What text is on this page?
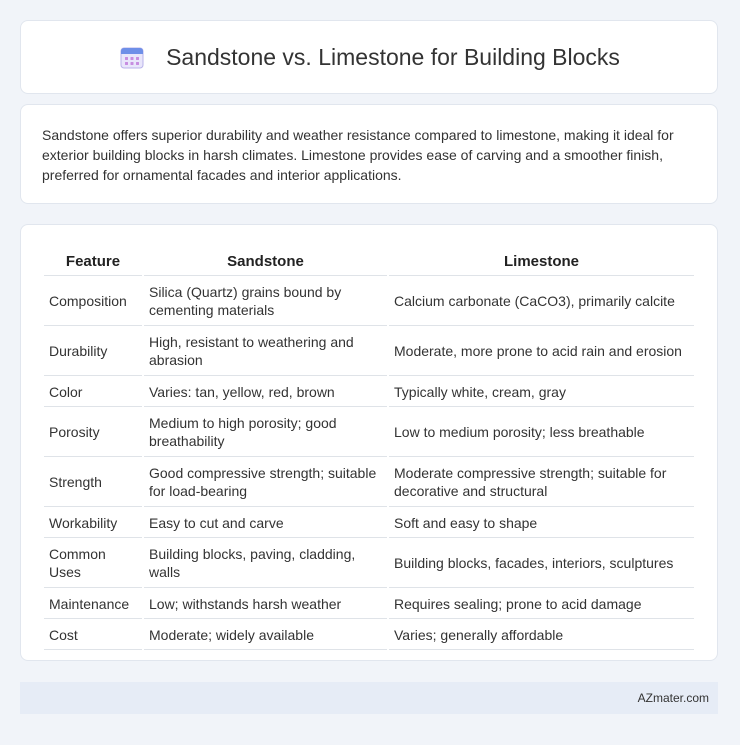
Sandstone vs. Limestone for Building Blocks

Sandstone offers superior durability and weather resistance compared to limestone, making it ideal for exterior building blocks in harsh climates. Limestone provides ease of carving and a smoother finish, preferred for ornamental facades and interior applications.

Feature	Sandstone	Limestone
Composition	Silica (Quartz) grains bound by cementing materials	Calcium carbonate (CaCO3), primarily calcite
Durability	High, resistant to weathering and abrasion	Moderate, more prone to acid rain and erosion
Color	Varies: tan, yellow, red, brown	Typically white, cream, gray
Porosity	Medium to high porosity; good breathability	Low to medium porosity; less breathable
Strength	Good compressive strength; suitable for load-bearing	Moderate compressive strength; suitable for decorative and structural
Workability	Easy to cut and carve	Soft and easy to shape
Common Uses	Building blocks, paving, cladding, walls	Building blocks, facades, interiors, sculptures
Maintenance	Low; withstands harsh weather	Requires sealing; prone to acid damage
Cost	Moderate; widely available	Varies; generally affordable
AZmater.com
